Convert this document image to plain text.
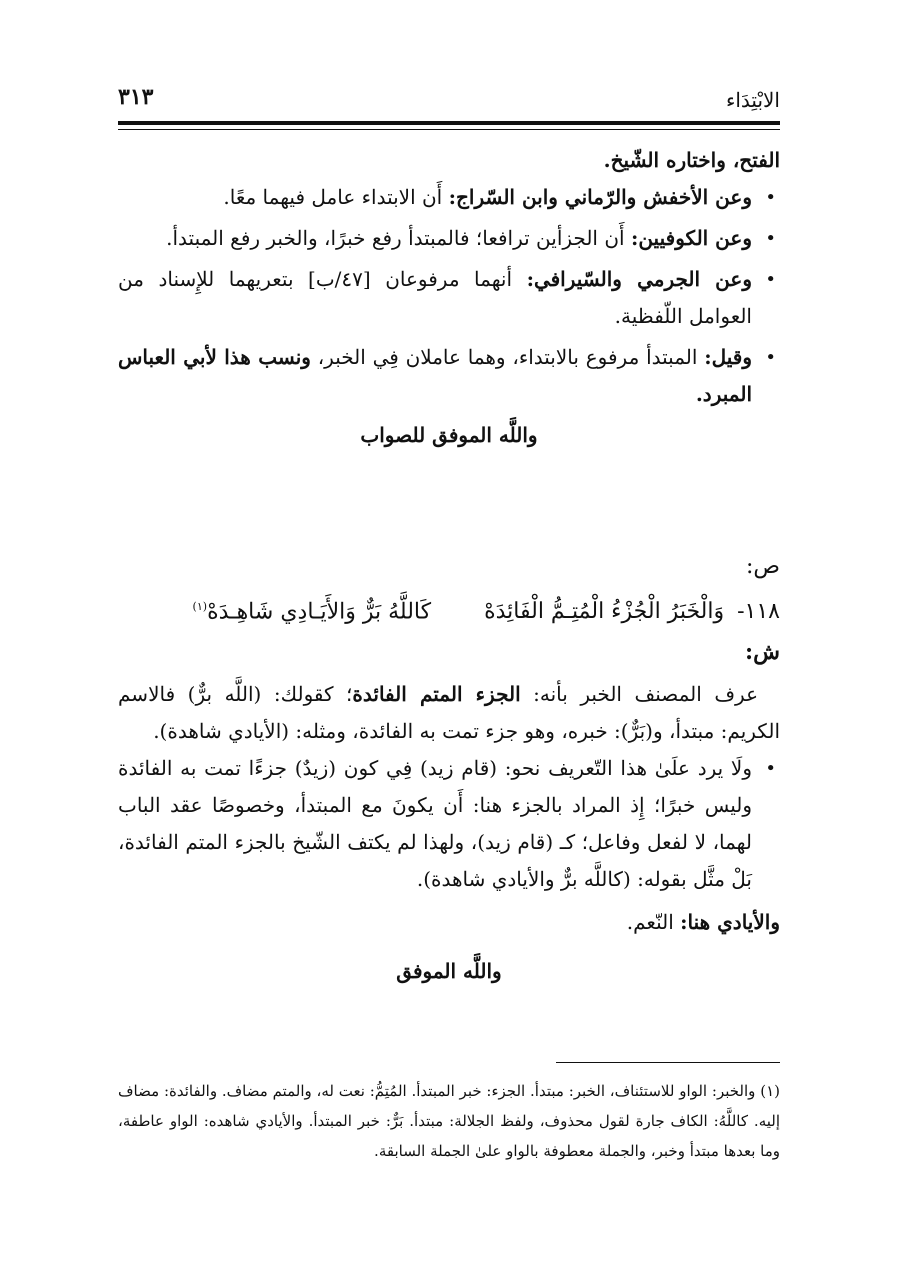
الابْتِدَاء
٣١٣
الفتح، واختاره الشّيخ.
•
وعن الأخفش والرّماني وابن السّراج: أَن الابتداء عامل فيهما معًا.
•
وعن الكوفيين: أَن الجزأين ترافعا؛ فالمبتدأ رفع خبرًا، والخبر رفع المبتدأ.
•
وعن الجرمي والسّيرافي: أنهما مرفوعان [٤٧/ب] بتعريهما للإِسناد من العوامل اللّفظية.
•
وقيل: المبتدأ مرفوع بالابتداء، وهما عاملان فِي الخبر، ونسب هذا لأبي العباس المبرد.
واللَّه الموفق للصواب
ص:
١١٨- وَالْخَبَرُ الْجُزْءُ الْمُتِـمُّ الْفَائِدَهْ كَاللَّهُ بَرٌّ وَالأَيَـادِي شَاهِـدَهْ$^{(١)}$
ش:
عرف المصنف الخبر بأنه: الجزء المتم الفائدة؛ كقولك: (اللَّه برٌّ) فالاسم الكريم: مبتدأ، و(بَرٌّ): خبره، وهو جزء تمت به الفائدة، ومثله: (الأيادي شاهدة).
•
ولَا يرد علَىٰ هذا التّعريف نحو: (قام زيد) فِي كون (زيدٌ) جزءًا تمت به الفائدة وليس خبرًا؛ إِذ المراد بالجزء هنا: أَن يكونَ مع المبتدأ، وخصوصًا عقد الباب لهما، لا لفعل وفاعل؛ كـ (قام زيد)، ولهذا لم يكتف الشّيخ بالجزء المتم الفائدة، بَلْ مثَّل بقوله: (كاللَّه برٌّ والأيادي شاهدة).
والأيادي هنا: النّعم.
واللَّه الموفق
(١) والخبر: الواو للاستئناف، الخبر: مبتدأ. الجزء: خبر المبتدأ. المُتِمُّ: نعت له، والمتم مضاف. والفائدة: مضاف إليه. كاللَّهُ: الكاف جارة لقول محذوف، ولفظ الجلالة: مبتدأ. بَرٌّ: خبر المبتدأ. والأيادي شاهده: الواو عاطفة، وما بعدها مبتدأ وخبر، والجملة معطوفة بالواو علىٰ الجملة السابقة.
